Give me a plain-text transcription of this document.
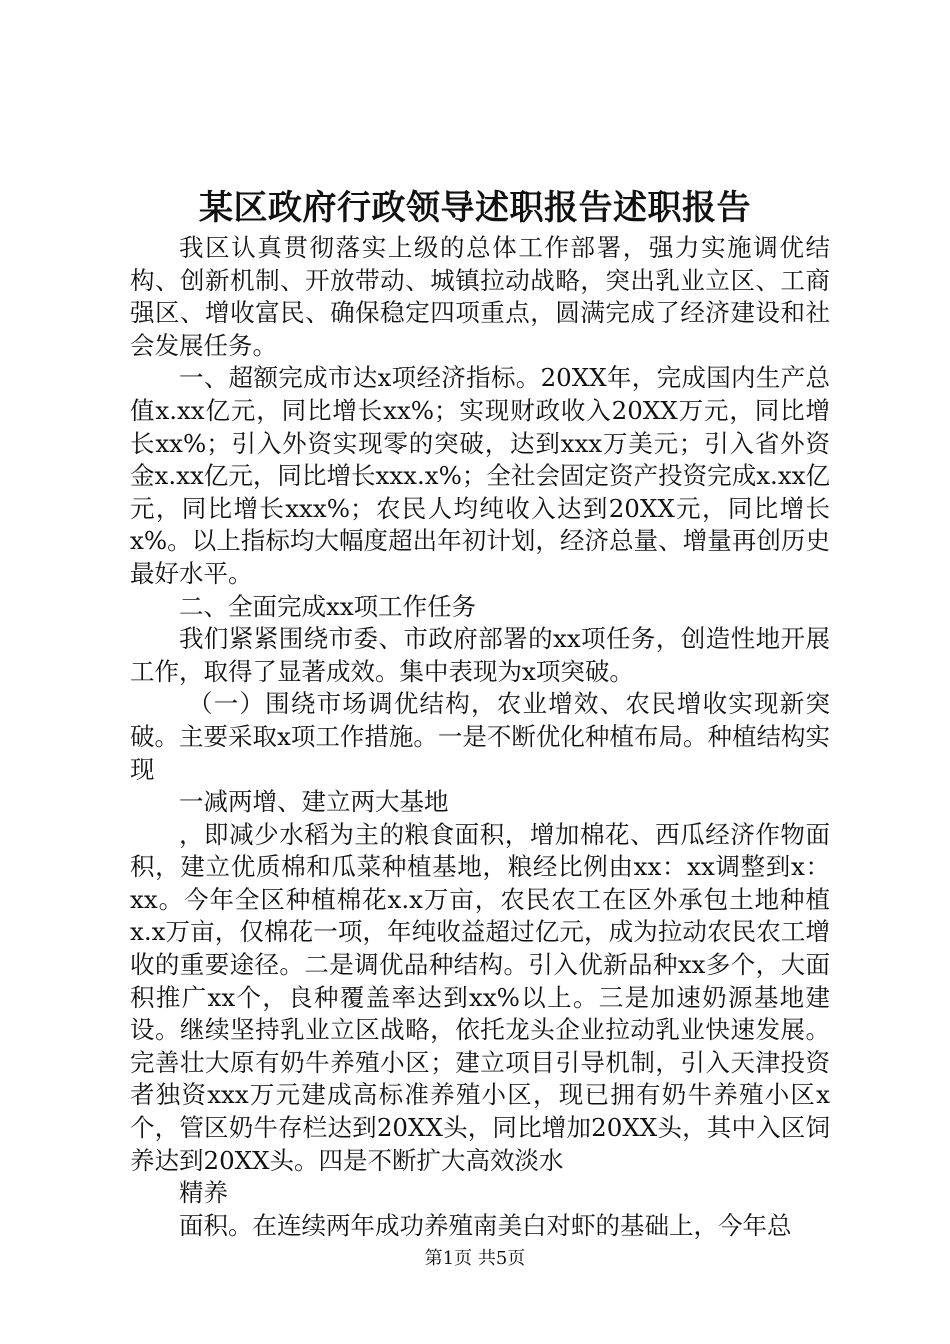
某区政府行政领导述职报告述职报告

我区认真贯彻落实上级的总体工作部署，强力实施调优结构、创新机制、开放带动、城镇拉动战略，突出乳业立区、工商强区、增收富民、确保稳定四项重点，圆满完成了经济建设和社会发展任务。

一、超额完成市达x项经济指标。20XX年，完成国内生产总值x.xx亿元，同比增长xx%；实现财政收入20XX万元，同比增长xx%；引入外资实现零的突破，达到xxx万美元；引入省外资金x.xx亿元，同比增长xxx.x%；全社会固定资产投资完成x.xx亿元，同比增长xxx%；农民人均纯收入达到20XX元，同比增长x%。以上指标均大幅度超出年初计划，经济总量、增量再创历史最好水平。

二、全面完成xx项工作任务

我们紧紧围绕市委、市政府部署的xx项任务，创造性地开展工作，取得了显著成效。集中表现为x项突破。

（一）围绕市场调优结构，农业增效、农民增收实现新突破。主要采取x项工作措施。一是不断优化种植布局。种植结构实现

一减两增、建立两大基地

，即减少水稻为主的粮食面积，增加棉花、西瓜经济作物面积，建立优质棉和瓜菜种植基地，粮经比例由xx：xx调整到x：xx。今年全区种植棉花x.x万亩，农民农工在区外承包土地种植x.x万亩，仅棉花一项，年纯收益超过亿元，成为拉动农民农工增收的重要途径。二是调优品种结构。引入优新品种xx多个，大面积推广xx个，良种覆盖率达到xx%以上。三是加速奶源基地建设。继续坚持乳业立区战略，依托龙头企业拉动乳业快速发展。完善壮大原有奶牛养殖小区；建立项目引导机制，引入天津投资者独资xxx万元建成高标准养殖小区，现已拥有奶牛养殖小区x个，管区奶牛存栏达到20XX头，同比增加20XX头，其中入区饲养达到20XX头。四是不断扩大高效淡水

精养

面积。在连续两年成功养殖南美白对虾的基础上，今年总

第1页 共5页
